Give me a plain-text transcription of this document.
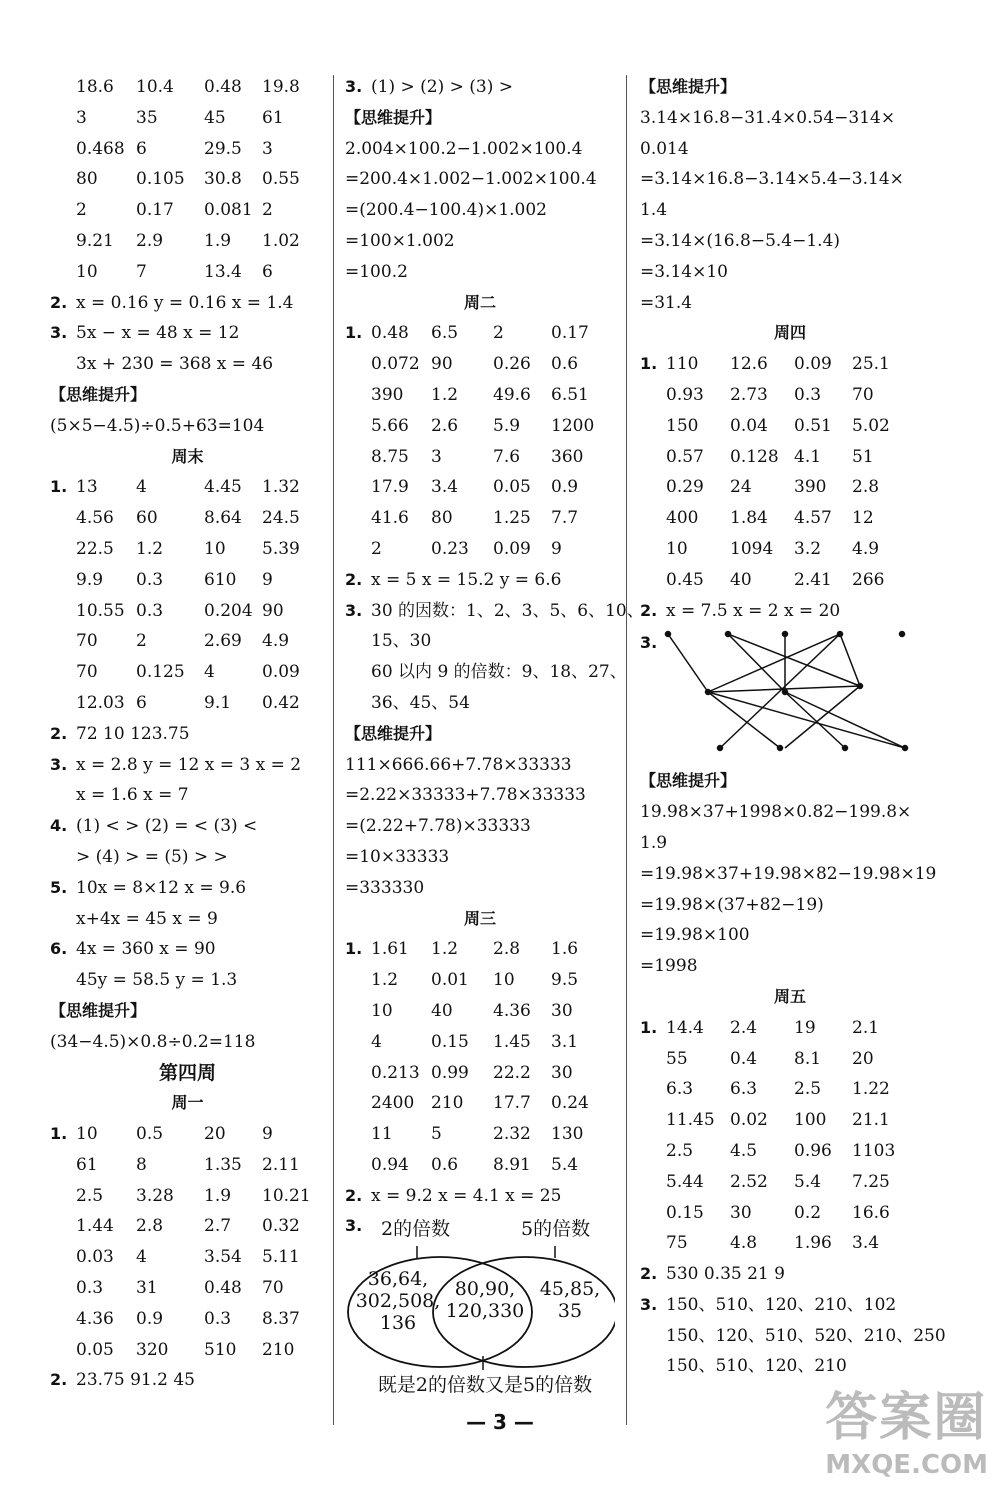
18.6 10.4 0.48 19.8
3	35	45 61
0.468 6	29.5 3
80 0.105 30.8 0.55
2	0.17 0.081 2
9.21 2.9 1.9 1.02
10 7	13.4 6
2. x = 0.16 y = 0.16 x = 1.4
3. 5x − x = 48 x = 12
3x + 230 = 368 x = 46
【思维提升】
(5×5−4.5)÷0.5+63=104
周末
1. 13 4	4.45 1.32
4.56 60	8.64 24.5
22.5 1.2 10 5.39
9.9 0.3 610 9
10.55 0.3 0.204 90
70 2	2.69 4.9
70 0.125 4	0.09
12.03 6	9.1 0.42
2. 72 10 123.75
3. x = 2.8 y = 12 x = 3 x = 2
x = 1.6 x = 7
4. (1) < > (2) = < (3) <
> (4) > = (5) > >
5. 10x = 8×12 x = 9.6
x+4x = 45 x = 9
6. 4x = 360 x = 90
45y = 58.5 y = 1.3
【思维提升】
(34−4.5)×0.8÷0.2=118
第四周
周一
1. 10 0.5 20 9
61 8	1.35 2.11
2.5 3.28 1.9 10.21
1.44 2.8 2.7 0.32
0.03 4	3.54 5.11
0.3 31	0.48 70
4.36 0.9 0.3 8.37
0.05 320 510 210
2. 23.75 91.2 45
3. (1) > (2) > (3) >
【思维提升】
2.004×100.2−1.002×100.4
=200.4×1.002−1.002×100.4
=(200.4−100.4)×1.002
=100×1.002
=100.2
周二
1. 0.48 6.5 2	0.17
0.072 90 0.26 0.6
390 1.2 49.6 6.51
5.66 2.6 5.9 1200
8.75 3	7.6 360
17.9 3.4 0.05 0.9
41.6 80 1.25 7.7
2	0.23 0.09 9
2. x = 5 x = 15.2 y = 6.6
3. 30 的因数：1、2、3、5、6、10、
15、30
60 以内 9 的倍数：9、18、27、
36、45、54
【思维提升】
111×666.66+7.78×33333
=2.22×33333+7.78×33333
=(2.22+7.78)×33333
=10×33333
=333330
周三
1. 1.61 1.2 2.8 1.6
1.2 0.01 10 9.5
10 40 4.36 30
4	0.15 1.45 3.1
0.213 0.99 22.2 30
2400 210 17.7 0.24
11 5	2.32 130
0.94 0.6 8.91 5.4
2. x = 9.2 x = 4.1 x = 25
3. 2的倍数	5的倍数
36,64,
302,508,
136
80,90,
120,330
45,85,
35
既是2的倍数又是5的倍数
【思维提升】
3.14×16.8−31.4×0.54−314×
0.014
=3.14×16.8−3.14×5.4−3.14×
1.4
=3.14×(16.8−5.4−1.4)
=3.14×10
=31.4
周四
1. 110 12.6 0.09 25.1
0.93 2.73 0.3 70
150 0.04 0.51 5.02
0.57 0.128 4.1 51
0.29 24 390 2.8
400 1.84 4.57 12
10 1094 3.2 4.9
0.45 40 2.41 266
2. x = 7.5 x = 2 x = 20
3.
【思维提升】
19.98×37+1998×0.82−199.8×
1.9
=19.98×37+19.98×82−19.98×19
=19.98×(37+82−19)
=19.98×100
=1998
周五
1. 14.4 2.4 19 2.1
55 0.4 8.1 20
6.3 6.3 2.5 1.22
11.45 0.02 100 21.1
2.5 4.5 0.96 1103
5.44 2.52 5.4 7.25
0.15 30 0.2 16.6
75 4.8 1.96 3.4
2. 530 0.35 21 9
3. 150、510、120、210、102
150、120、510、520、210、250
150、510、120、210
— 3 —	答案圈
MXQE.COM
